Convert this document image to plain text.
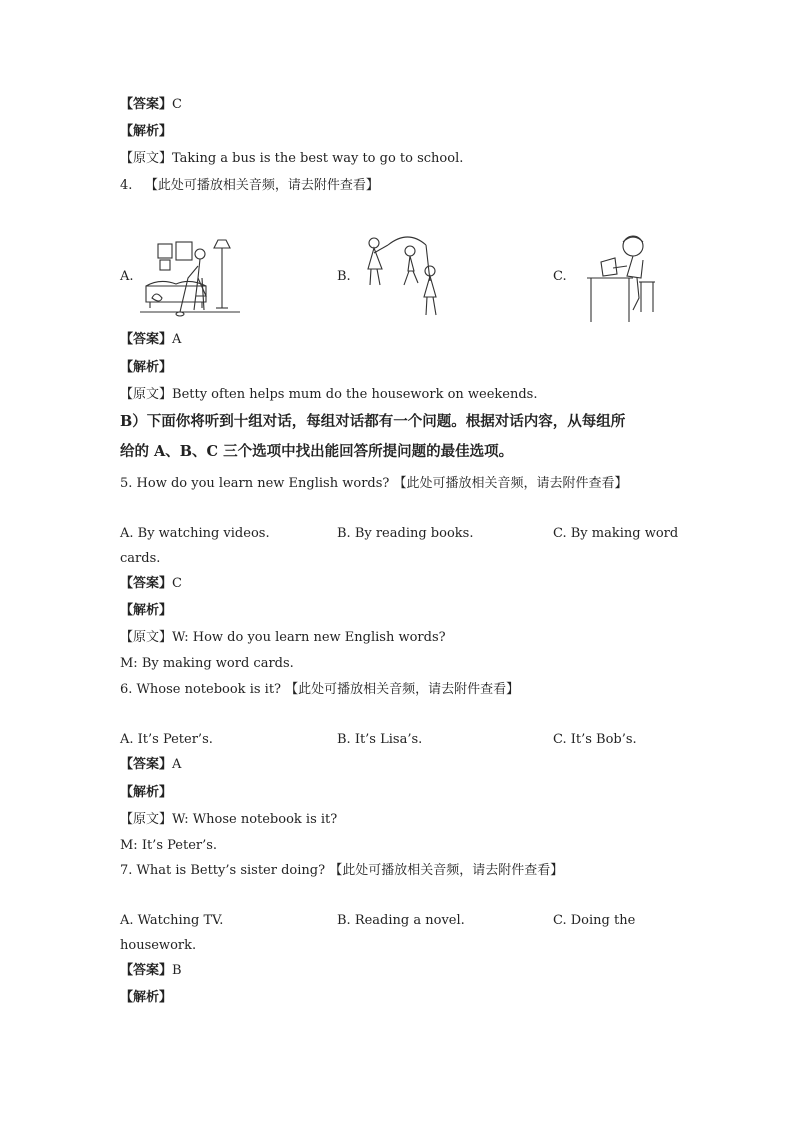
【答案】C
【解析】
【原文】Taking a bus is the best way to go to school.
4. 【此处可播放相关音频，请去附件查看】
A.	B.	C.
【答案】A
【解析】
【原文】Betty often helps mum do the housework on weekends.
B）下面你将听到十组对话，每组对话都有一个问题。根据对话内容，从每组所
给的 A、B、C 三个选项中找出能回答所提问题的最佳选项。
5. How do you learn new English words? 【此处可播放相关音频，请去附件查看】
A. By watching videos.	B. By reading books.	C. By making word
cards.
【答案】C
【解析】
【原文】W: How do you learn new English words?
M: By making word cards.
6. Whose notebook is it? 【此处可播放相关音频，请去附件查看】
A. It’s Peter’s.	B. It’s Lisa’s.	C. It’s Bob’s.
【答案】A
【解析】
【原文】W: Whose notebook is it?
M: It’s Peter’s.
7. What is Betty’s sister doing? 【此处可播放相关音频，请去附件查看】
A. Watching TV.	B. Reading a novel.	C. Doing the
housework.
【答案】B
【解析】
